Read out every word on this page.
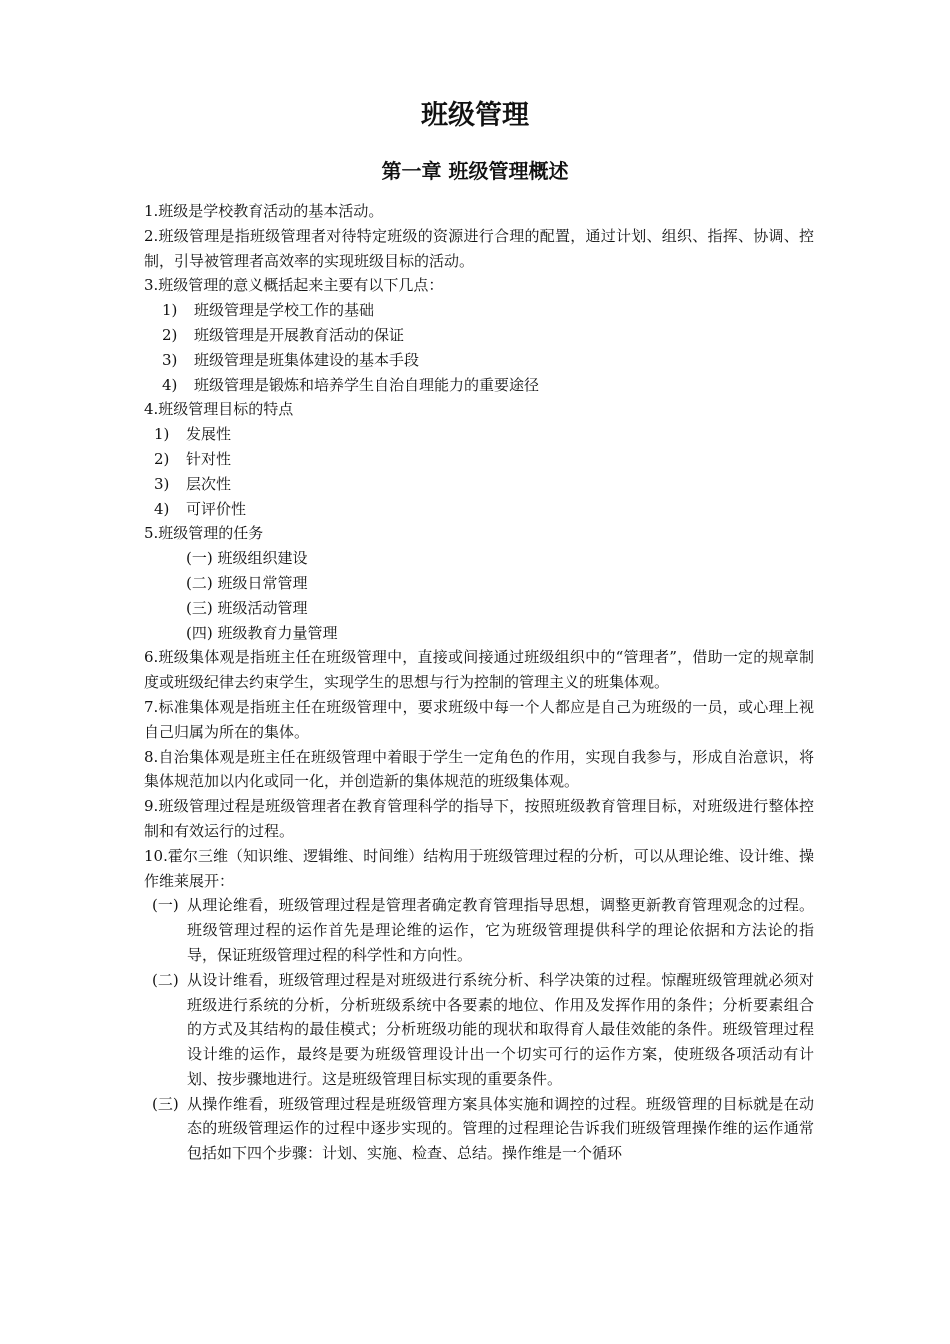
班级管理
第一章 班级管理概述

1.班级是学校教育活动的基本活动。

2.班级管理是指班级管理者对待特定班级的资源进行合理的配置，通过计划、组织、指挥、协调、控制，引导被管理者高效率的实现班级目标的活动。

3.班级管理的意义概括起来主要有以下几点：

1) 班级管理是学校工作的基础
2) 班级管理是开展教育活动的保证
3) 班级管理是班集体建设的基本手段
4) 班级管理是锻炼和培养学生自治自理能力的重要途径

4.班级管理目标的特点

1) 发展性
2) 针对性
3) 层次性
4) 可评价性

5.班级管理的任务

(一) 班级组织建设
(二) 班级日常管理
(三) 班级活动管理
(四) 班级教育力量管理

6.班级集体观是指班主任在班级管理中，直接或间接通过班级组织中的“管理者”，借助一定的规章制度或班级纪律去约束学生，实现学生的思想与行为控制的管理主义的班集体观。

7.标准集体观是指班主任在班级管理中，要求班级中每一个人都应是自己为班级的一员，或心理上视自己归属为所在的集体。

8.自治集体观是班主任在班级管理中着眼于学生一定角色的作用，实现自我参与，形成自治意识，将集体规范加以内化或同一化，并创造新的集体规范的班级集体观。

9.班级管理过程是班级管理者在教育管理科学的指导下，按照班级教育管理目标，对班级进行整体控制和有效运行的过程。

10.霍尔三维（知识维、逻辑维、时间维）结构用于班级管理过程的分析，可以从理论维、设计维、操作维莱展开：

(一) 从理论维看，班级管理过程是管理者确定教育管理指导思想，调整更新教育管理观念的过程。班级管理过程的运作首先是理论维的运作，它为班级管理提供科学的理论依据和方法论的指导，保证班级管理过程的科学性和方向性。
(二) 从设计维看，班级管理过程是对班级进行系统分析、科学决策的过程。惊醒班级管理就必须对班级进行系统的分析，分析班级系统中各要素的地位、作用及发挥作用的条件；分析要素组合的方式及其结构的最佳模式；分析班级功能的现状和取得育人最佳效能的条件。班级管理过程设计维的运作，最终是要为班级管理设计出一个切实可行的运作方案，使班级各项活动有计划、按步骤地进行。这是班级管理目标实现的重要条件。
(三) 从操作维看，班级管理过程是班级管理方案具体实施和调控的过程。班级管理的目标就是在动态的班级管理运作的过程中逐步实现的。管理的过程理论告诉我们班级管理操作维的运作通常包括如下四个步骤：计划、实施、检查、总结。操作维是一个循环
